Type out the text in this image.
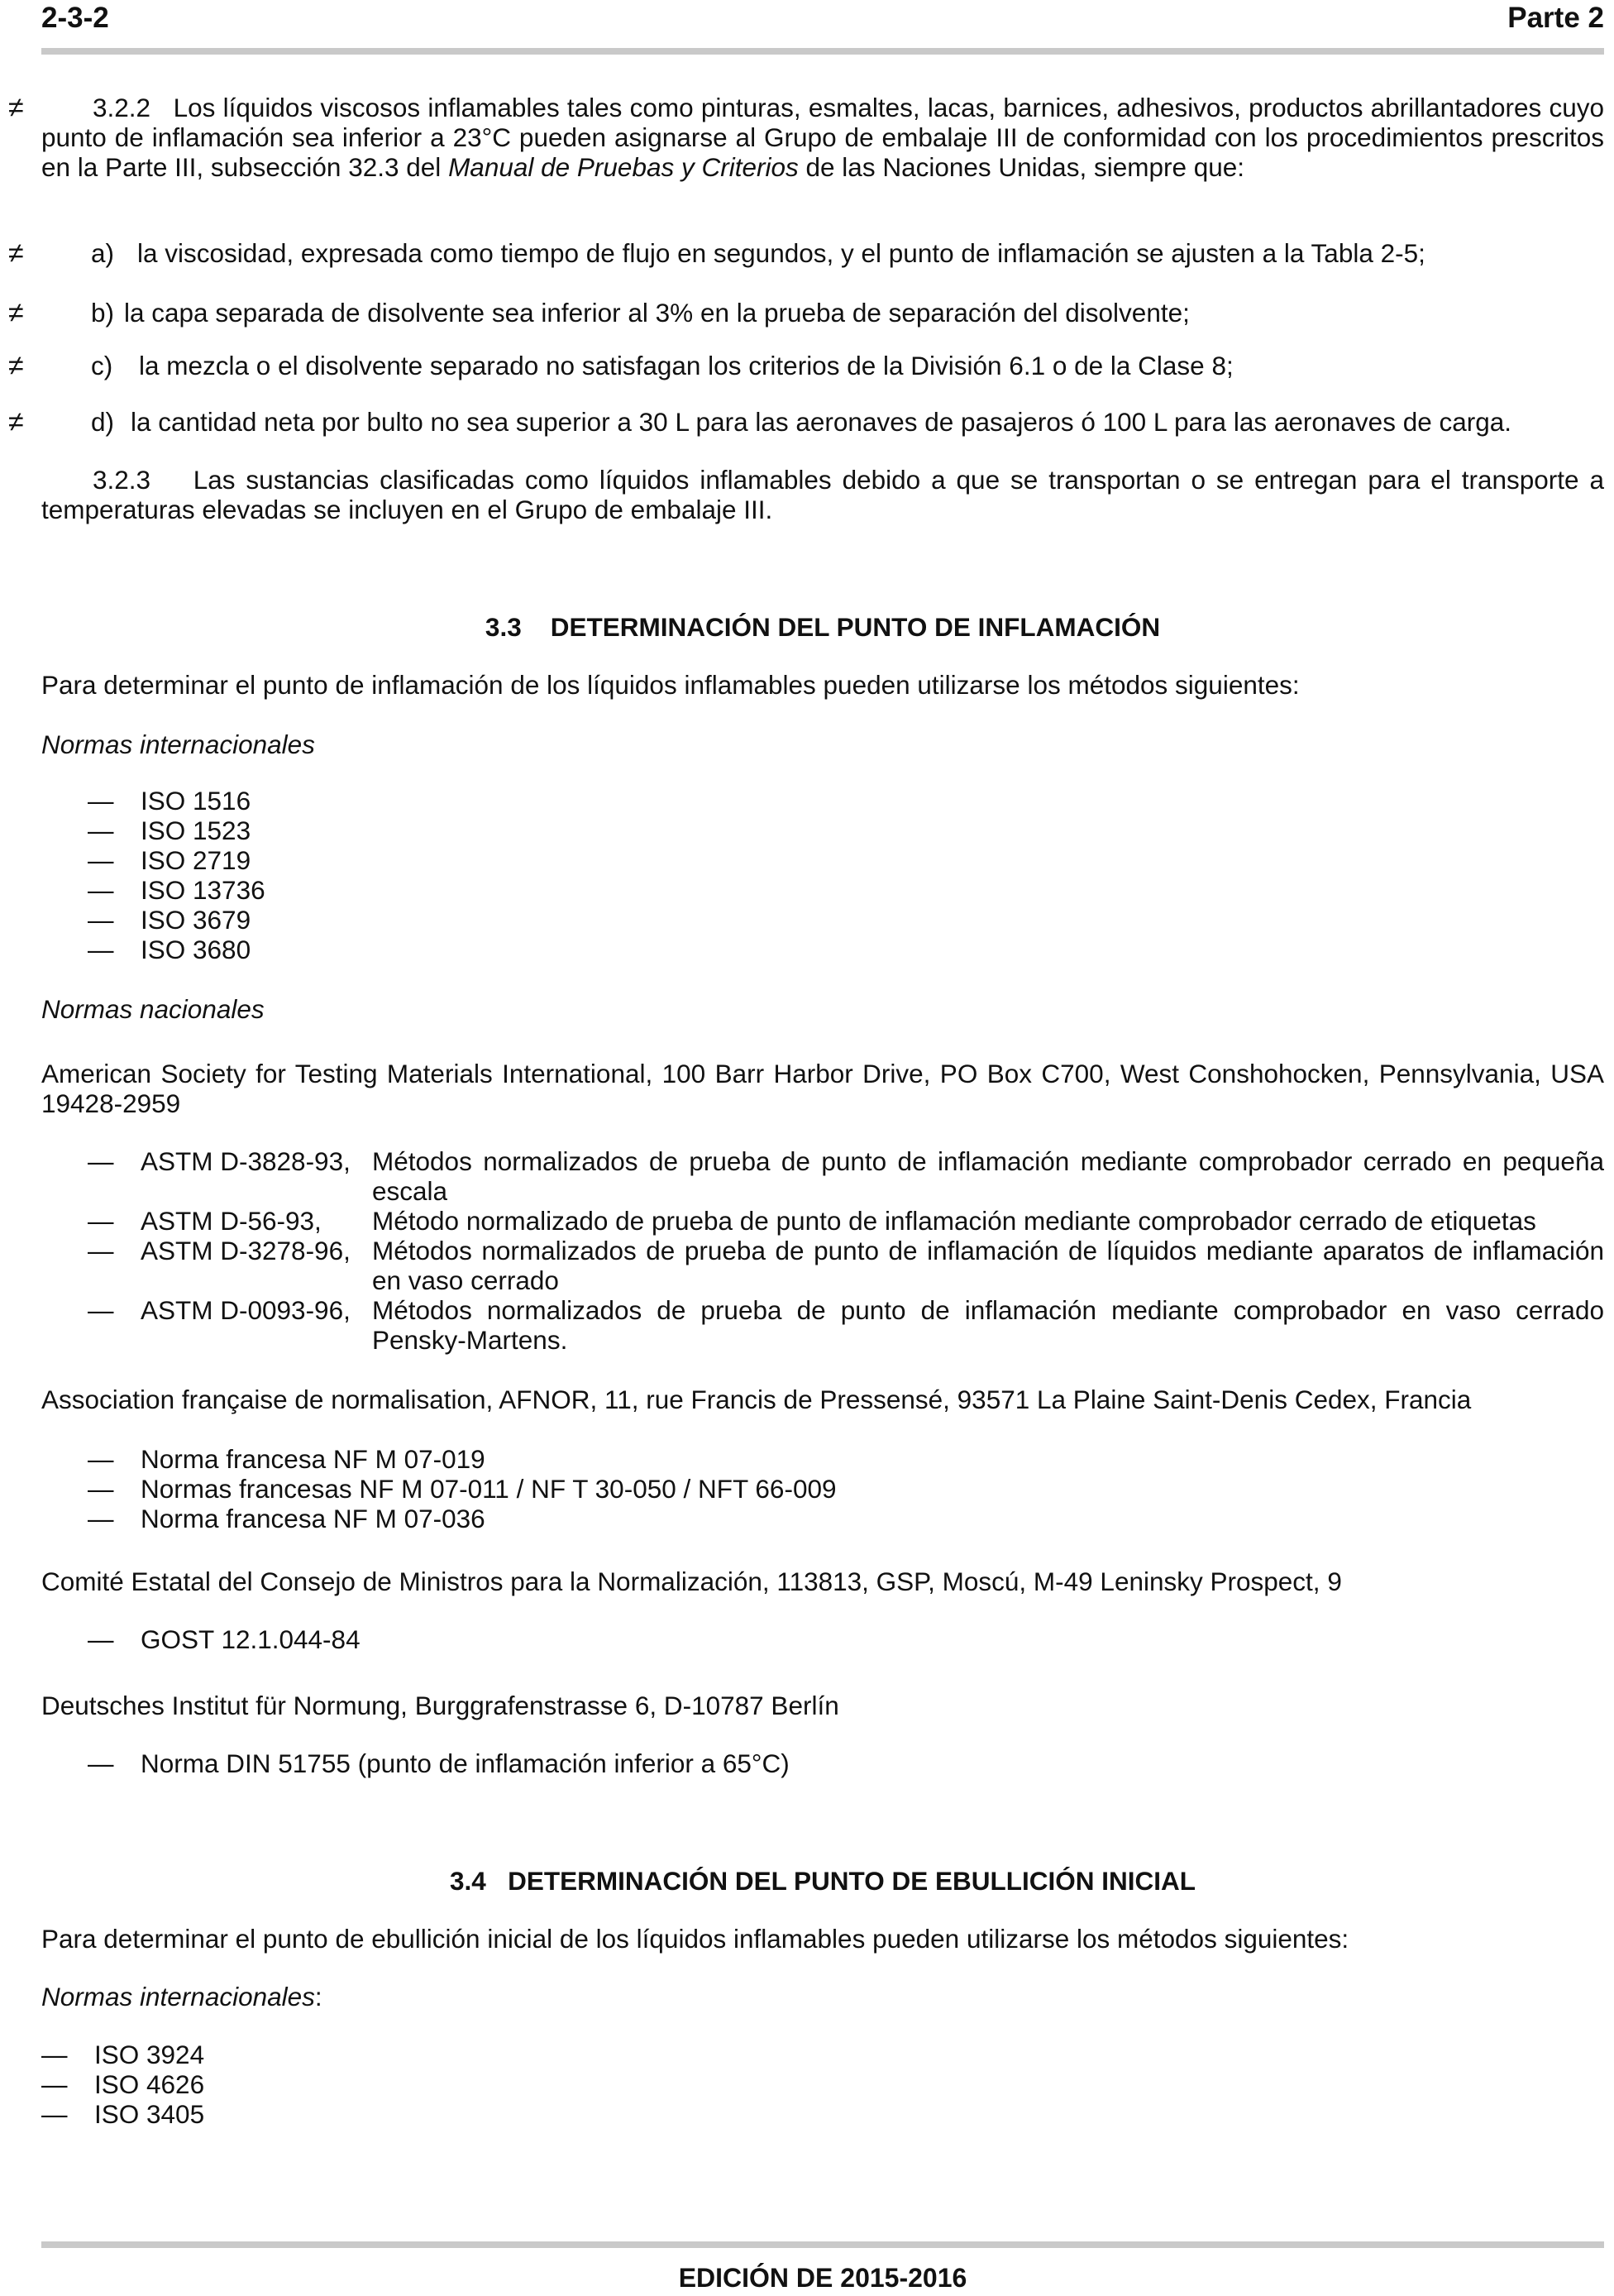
2-3-2	Parte 2
≠	3.2.2 Los líquidos viscosos inflamables tales como pinturas, esmaltes, lacas, barnices, adhesivos, productos abrillantadores cuyo punto de inflamación sea inferior a 23°C pueden asignarse al Grupo de embalaje III de conformidad con los procedimientos prescritos en la Parte III, subsección 32.3 del Manual de Pruebas y Criterios de las Naciones Unidas, siempre que:
≠	a) la viscosidad, expresada como tiempo de flujo en segundos, y el punto de inflamación se ajusten a la Tabla 2-5;
≠	b) la capa separada de disolvente sea inferior al 3% en la prueba de separación del disolvente;
≠	c) la mezcla o el disolvente separado no satisfagan los criterios de la División 6.1 o de la Clase 8;
≠	d) la cantidad neta por bulto no sea superior a 30 L para las aeronaves de pasajeros ó 100 L para las aeronaves de carga.
3.2.3 Las sustancias clasificadas como líquidos inflamables debido a que se transportan o se entregan para el transporte a temperaturas elevadas se incluyen en el Grupo de embalaje III.
3.3 DETERMINACIÓN DEL PUNTO DE INFLAMACIÓN
Para determinar el punto de inflamación de los líquidos inflamables pueden utilizarse los métodos siguientes:
Normas internacionales
— ISO 1516
— ISO 1523
— ISO 2719
— ISO 13736
— ISO 3679
— ISO 3680
Normas nacionales
American Society for Testing Materials International, 100 Barr Harbor Drive, PO Box C700, West Conshohocken, Pennsylvania, USA 19428-2959
— ASTM D-3828-93, Métodos normalizados de prueba de punto de inflamación mediante comprobador cerrado en pequeña escala
— ASTM D-56-93, Método normalizado de prueba de punto de inflamación mediante comprobador cerrado de etiquetas
— ASTM D-3278-96, Métodos normalizados de prueba de punto de inflamación de líquidos mediante aparatos de inflamación en vaso cerrado
— ASTM D-0093-96, Métodos normalizados de prueba de punto de inflamación mediante comprobador en vaso cerrado Pensky-Martens.
Association française de normalisation, AFNOR, 11, rue Francis de Pressensé, 93571 La Plaine Saint-Denis Cedex, Francia
— Norma francesa NF M 07-019
— Normas francesas NF M 07-011 / NF T 30-050 / NFT 66-009
— Norma francesa NF M 07-036
Comité Estatal del Consejo de Ministros para la Normalización, 113813, GSP, Moscú, M-49 Leninsky Prospect, 9
— GOST 12.1.044-84
Deutsches Institut für Normung, Burggrafenstrasse 6, D-10787 Berlín
— Norma DIN 51755 (punto de inflamación inferior a 65°C)
3.4 DETERMINACIÓN DEL PUNTO DE EBULLICIÓN INICIAL
Para determinar el punto de ebullición inicial de los líquidos inflamables pueden utilizarse los métodos siguientes:
Normas internacionales:
— ISO 3924
— ISO 4626
— ISO 3405
EDICIÓN DE 2015-2016
